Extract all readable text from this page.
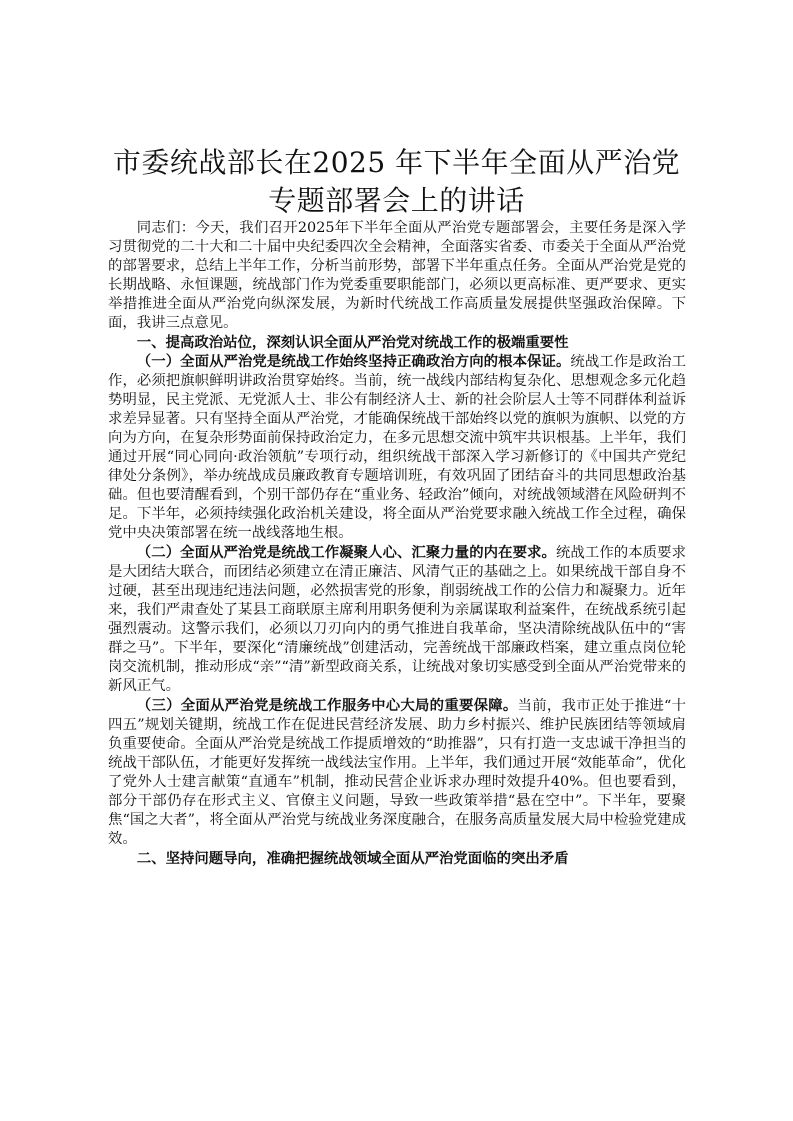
市委统战部长在2025 年下半年全面从严治党
专题部署会上的讲话

同志们：今天，我们召开2025年下半年全面从严治党专题部署会，主要任务是深入学习贯彻党的二十大和二十届中央纪委四次全会精神，全面落实省委、市委关于全面从严治党的部署要求，总结上半年工作，分析当前形势，部署下半年重点任务。全面从严治党是党的长期战略、永恒课题，统战部门作为党委重要职能部门，必须以更高标准、更严要求、更实举措推进全面从严治党向纵深发展，为新时代统战工作高质量发展提供坚强政治保障。下面，我讲三点意见。

一、提高政治站位，深刻认识全面从严治党对统战工作的极端重要性

（一）全面从严治党是统战工作始终坚持正确政治方向的根本保证。统战工作是政治工作，必须把旗帜鲜明讲政治贯穿始终。当前，统一战线内部结构复杂化、思想观念多元化趋势明显，民主党派、无党派人士、非公有制经济人士、新的社会阶层人士等不同群体利益诉求差异显著。只有坚持全面从严治党，才能确保统战干部始终以党的旗帜为旗帜、以党的方向为方向，在复杂形势面前保持政治定力，在多元思想交流中筑牢共识根基。上半年，我们通过开展“同心同向·政治领航”专项行动，组织统战干部深入学习新修订的《中国共产党纪律处分条例》，举办统战成员廉政教育专题培训班，有效巩固了团结奋斗的共同思想政治基础。但也要清醒看到，个别干部仍存在“重业务、轻政治”倾向，对统战领域潜在风险研判不足。下半年，必须持续强化政治机关建设，将全面从严治党要求融入统战工作全过程，确保党中央决策部署在统一战线落地生根。

（二）全面从严治党是统战工作凝聚人心、汇聚力量的内在要求。统战工作的本质要求是大团结大联合，而团结必须建立在清正廉洁、风清气正的基础之上。如果统战干部自身不过硬，甚至出现违纪违法问题，必然损害党的形象，削弱统战工作的公信力和凝聚力。近年来，我们严肃查处了某县工商联原主席利用职务便利为亲属谋取利益案件，在统战系统引起强烈震动。这警示我们，必须以刀刃向内的勇气推进自我革命，坚决清除统战队伍中的“害群之马”。下半年，要深化“清廉统战”创建活动，完善统战干部廉政档案，建立重点岗位轮岗交流机制，推动形成“亲”“清”新型政商关系，让统战对象切实感受到全面从严治党带来的新风正气。

（三）全面从严治党是统战工作服务中心大局的重要保障。当前，我市正处于推进“十四五”规划关键期，统战工作在促进民营经济发展、助力乡村振兴、维护民族团结等领域肩负重要使命。全面从严治党是统战工作提质增效的“助推器”，只有打造一支忠诚干净担当的统战干部队伍，才能更好发挥统一战线法宝作用。上半年，我们通过开展“效能革命”，优化了党外人士建言献策“直通车”机制，推动民营企业诉求办理时效提升40%。但也要看到，部分干部仍存在形式主义、官僚主义问题，导致一些政策举措“悬在空中”。下半年，要聚焦“国之大者”，将全面从严治党与统战业务深度融合，在服务高质量发展大局中检验党建成效。

二、坚持问题导向，准确把握统战领域全面从严治党面临的突出矛盾
